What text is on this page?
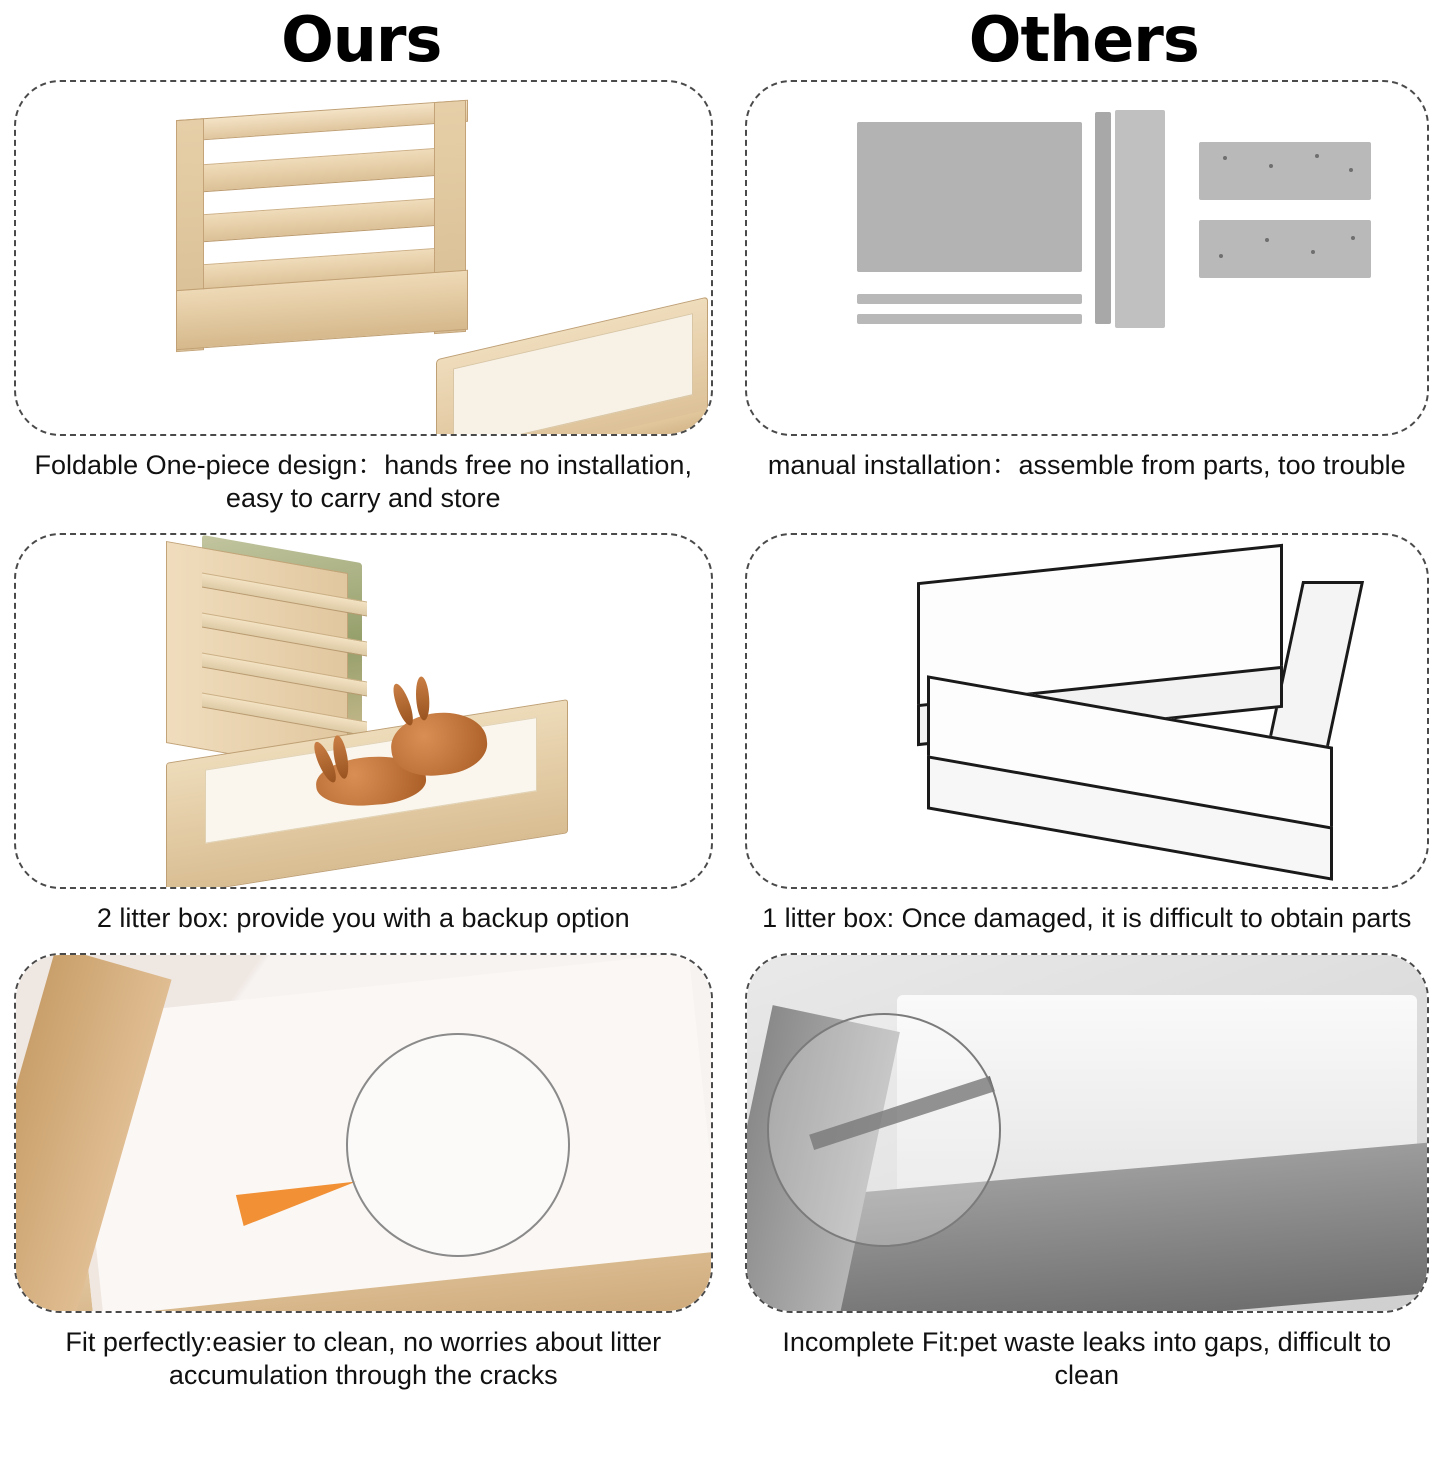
Ours	Others
Foldable One-piece design：hands free no installation, easy to carry and store
manual installation：assemble from parts, too trouble
2 litter box: provide you with a backup option	1 litter box: Once damaged, it is difficult to obtain parts
Fit perfectly:easier to clean, no worries about litter accumulation through the cracks
Incomplete Fit:pet waste leaks into gaps, difficult to clean
